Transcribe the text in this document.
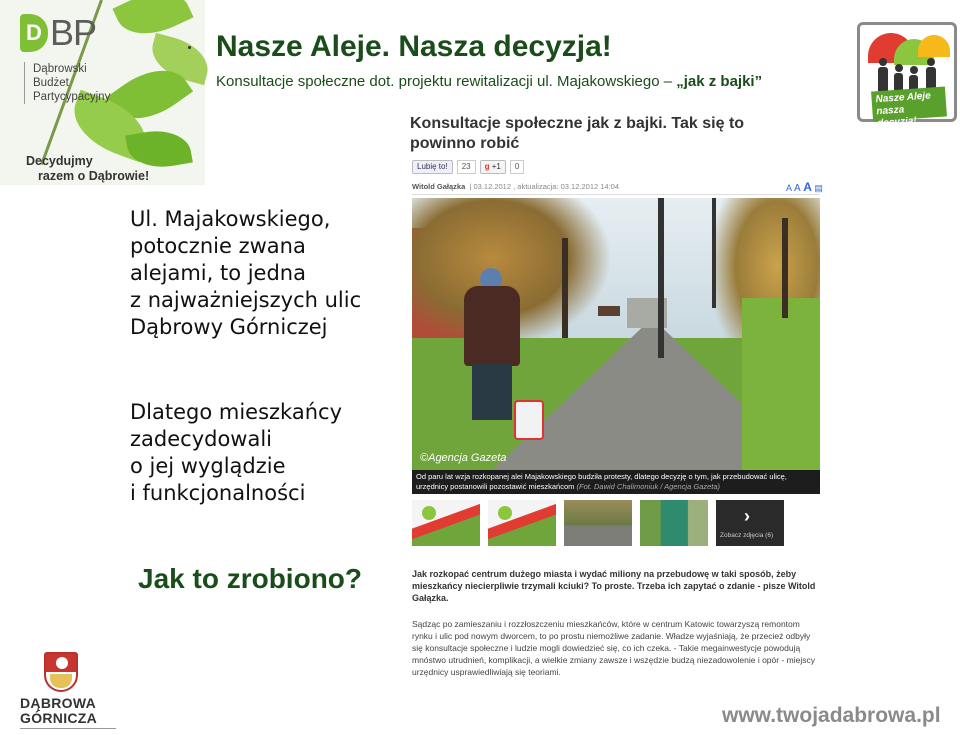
D BP
Dąbrowski
Budżet
Partycypacyjny
Decydujmy
razem o Dąbrowie!
Nasze Aleje. Nasza decyzja!
Konsultacje społeczne dot. projektu rewitalizacji ul. Majakowskiego – „jak z bajki”
Nasze Aleje
nasza decyzja!
Ul. Majakowskiego,
potocznie zwana
alejami, to jedna
z najważniejszych ulic
Dąbrowy Górniczej
Dlatego mieszkańcy
zadecydowali
o jej wyglądzie
i funkcjonalności
Jak to zrobiono?
Konsultacje społeczne jak z bajki. Tak się to powinno robić
Lubię to!	23	g +1	0
Witold Gałązka  | 03.12.2012 , aktualizacja: 03.12.2012 14:04	A A A ▤
©Agencja Gazeta
Od paru lat wzja rozkopanej alei Majakowskiego budziła protesty, dlatego decyzję o tym, jak przebudować ulicę, urzędnicy postanowili pozostawić mieszkańcom (Fot. Dawid Chalimoniuk / Agencja Gazeta)
›
Zobacz zdjęcia (6)
Jak rozkopać centrum dużego miasta i wydać miliony na przebudowę w taki sposób, żeby mieszkańcy niecierpliwie trzymali kciuki? To proste. Trzeba ich zapytać o zdanie - pisze Witold Gałązka.
Sądząc po zamieszaniu i rozzłoszczeniu mieszkańców, które w centrum Katowic towarzyszą remontom rynku i ulic pod nowym dworcem, to po prostu niemożliwe zadanie. Władze wyjaśniają, że przecież odbyły się konsultacje społeczne i ludzie mogli dowiedzieć się, co ich czeka. - Takie megainwestycje powodują mnóstwo utrudnień, komplikacji, a wielkie zmiany zawsze i wszędzie budzą niezadowolenie i opór - miejscy urzędnicy usprawiedliwiają się teoriami.
DĄBROWA
GÓRNICZA	www.twojadabrowa.pl
